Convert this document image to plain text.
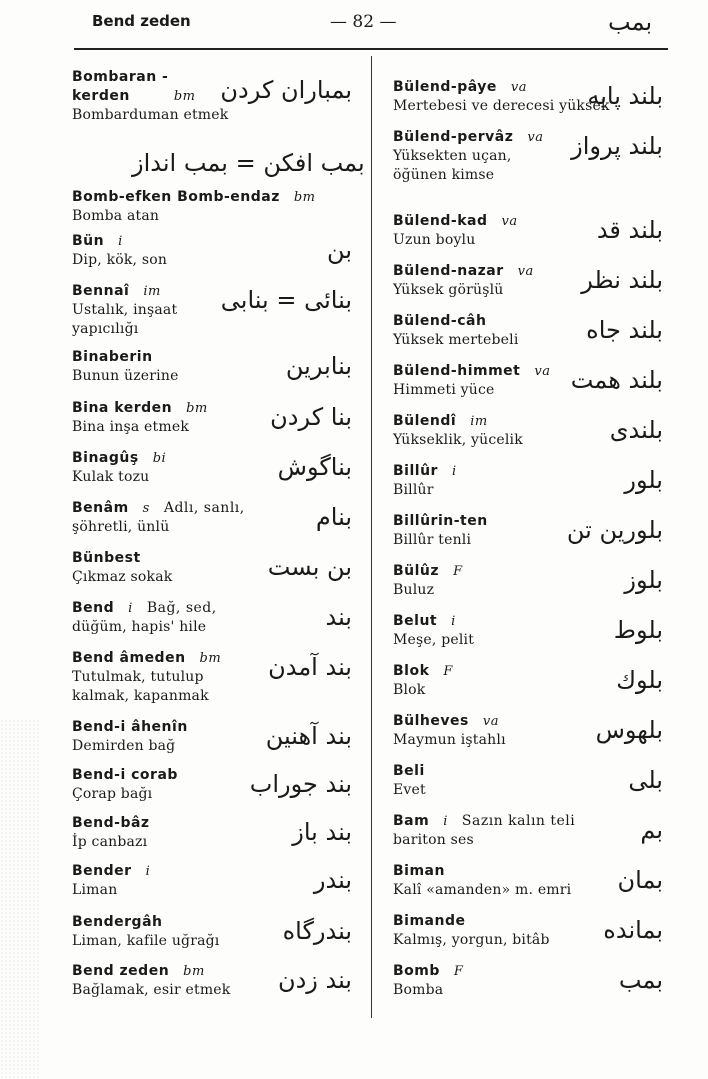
Bend zeden	— 82 —	بمب
Bombaran -
kerden	bm
Bombarduman etmek
بمباران كردن
بمب افكن = بمب انداز
Bomb-efken Bomb-endaz bm
Bomba atan
Bün i
Dip, kök, son	بن
Bennaî im
Ustalık, inşaat
yapıcılığı
بنائى = بنابى
Binaberin
Bunun üzerine	بنابرين
Bina kerden bm
Bina inşa etmek	بنا كردن
Binagûş bi
Kulak tozu	بناگوش
Benâm s Adlı, sanlı,
şöhretli, ünlü	بنام
Bünbest
Çıkmaz sokak	بن بست
Bend i Bağ, sed,
düğüm, hapis' hile	بند
Bend âmeden bm
Tutulmak, tutulup
kalmak, kapanmak
بند آمدن
Bend-i âhenîn
Demirden bağ	بند آهنين
Bend-i corab
Çorap bağı	بند جوراب
Bend-bâz
İp canbazı	بند باز
Bender i
Liman	بندر
Bendergâh
Liman, kafile uğrağı	بندرگاه
Bend zeden bm
Bağlamak, esir etmek	بند زدن
Bülend-pâye va
Mertebesi ve derecesi yüksek
بلند پايه
Bülend-pervâz va
Yüksekten uçan,
öğünen kimse
بلند پرواز
Bülend-kad va
Uzun boylu	بلند قد
Bülend-nazar va
Yüksek görüşlü	بلند نظر
Bülend-câh
Yüksek mertebeli	بلند جاه
Bülend-himmet va
Himmeti yüce	بلند همت
Bülendî im
Yükseklik, yücelik	بلندى
Billûr i
Billûr	بلور
Billûrin-ten
Billûr tenli	بلورين تن
Bülûz F
Buluz	بلوز
Belut i
Meşe, pelit	بلوط
Blok F
Blok	بلوك
Bülheves va
Maymun iştahlı	بلهوس
Beli
Evet	بلى
Bam i Sazın kalın teli
bariton ses	بم
Biman
Kalî «amanden» m. emri	بمان
Bimande
Kalmış, yorgun, bitâb	بمانده
Bomb F
Bomba	بمب
